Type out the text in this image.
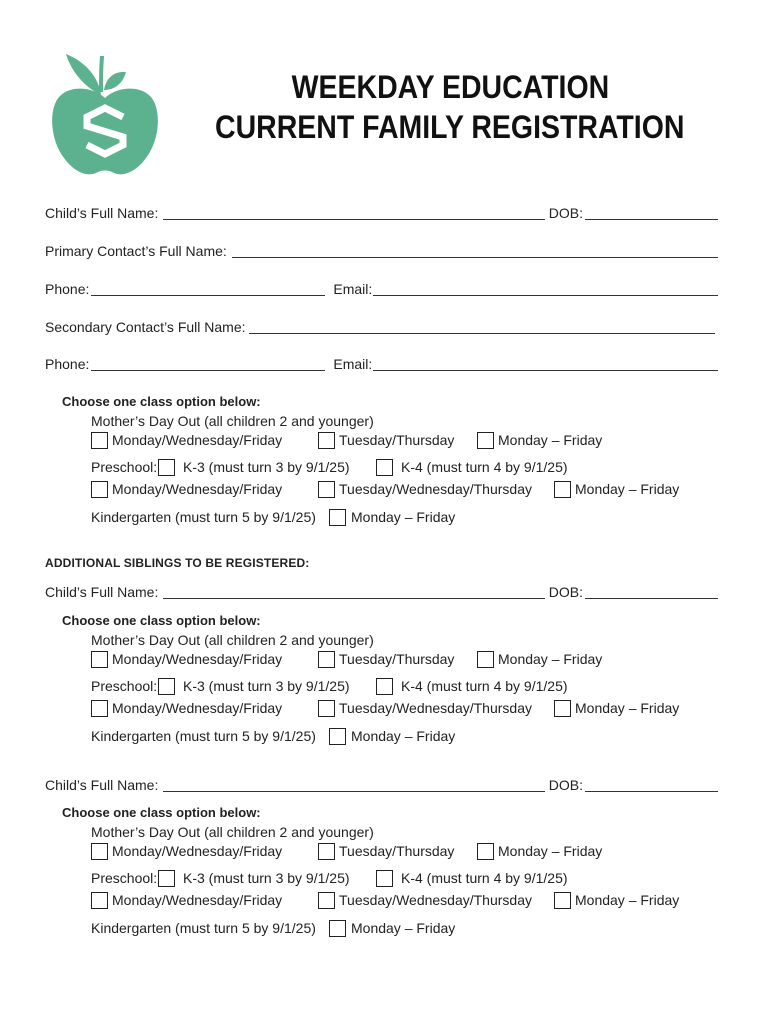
WEEKDAY EDUCATION
CURRENT FAMILY REGISTRATION
Child’s Full Name:	DOB:
Primary Contact’s Full Name:
Phone:	Email:
Secondary Contact’s Full Name:
Phone:	Email:
Choose one class option below:
Mother’s Day Out (all children 2 and younger)
Monday/Wednesday/Friday	Tuesday/Thursday	Monday – Friday
Preschool: K-3 (must turn 3 by 9/1/25)	K-4 (must turn 4 by 9/1/25)
Monday/Wednesday/Friday	Tuesday/Wednesday/Thursday	Monday – Friday
Kindergarten (must turn 5 by 9/1/25)	Monday – Friday
ADDITIONAL SIBLINGS TO BE REGISTERED:
Child’s Full Name:	DOB:
Choose one class option below:
Mother’s Day Out (all children 2 and younger)
Monday/Wednesday/Friday	Tuesday/Thursday	Monday – Friday
Preschool: K-3 (must turn 3 by 9/1/25)	K-4 (must turn 4 by 9/1/25)
Monday/Wednesday/Friday	Tuesday/Wednesday/Thursday	Monday – Friday
Kindergarten (must turn 5 by 9/1/25)	Monday – Friday
Child’s Full Name:	DOB:
Choose one class option below:
Mother’s Day Out (all children 2 and younger)
Monday/Wednesday/Friday	Tuesday/Thursday	Monday – Friday
Preschool: K-3 (must turn 3 by 9/1/25)	K-4 (must turn 4 by 9/1/25)
Monday/Wednesday/Friday	Tuesday/Wednesday/Thursday	Monday – Friday
Kindergarten (must turn 5 by 9/1/25)	Monday – Friday
